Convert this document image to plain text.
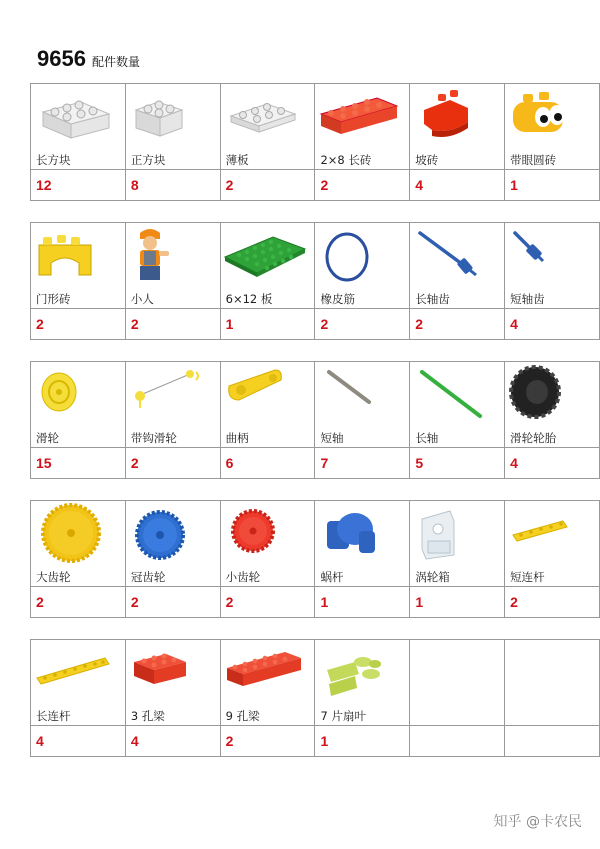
9656 配件数量

长方块	正方块	薄板	2×8 长砖	坡砖	带眼圆砖
12	8	2	2	4	1

门形砖	小人	6×12 板	橡皮筋	长轴齿	短轴齿
2	2	1	2	2	4

滑轮	带钩滑轮	曲柄	短轴	长轴	滑轮轮胎
15	2	6	7	5	4

大齿轮	冠齿轮	小齿轮	蜗杆	涡轮箱	短连杆
2	2	2	1	1	2

长连杆	3 孔梁	9 孔梁	7 片扇叶		
4	4	2	1		
知乎 @卡农民
